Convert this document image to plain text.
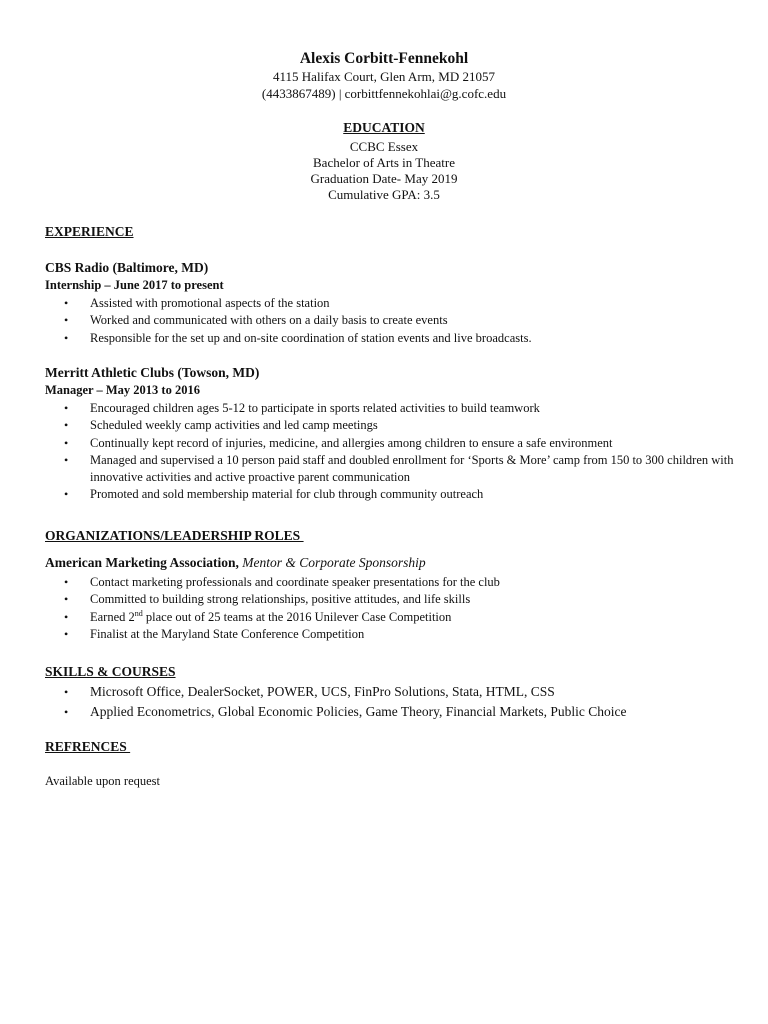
Alexis Corbitt-Fennekohl
4115 Halifax Court, Glen Arm, MD 21057
(4433867489) | corbittfennekohlai@g.cofc.edu
EDUCATION
CCBC Essex
Bachelor of Arts in Theatre
Graduation Date- May 2019
Cumulative GPA: 3.5
EXPERIENCE
CBS Radio (Baltimore, MD)
Internship – June 2017 to present
• Assisted with promotional aspects of the station
• Worked and communicated with others on a daily basis to create events
• Responsible for the set up and on-site coordination of station events and live broadcasts.
Merritt Athletic Clubs (Towson, MD)
Manager – May 2013 to 2016
• Encouraged children ages 5-12 to participate in sports related activities to build teamwork
• Scheduled weekly camp activities and led camp meetings
• Continually kept record of injuries, medicine, and allergies among children to ensure a safe environment
• Managed and supervised a 10 person paid staff and doubled enrollment for ‘Sports & More’ camp from 150 to 300 children with innovative activities and active proactive parent communication
• Promoted and sold membership material for club through community outreach
ORGANIZATIONS/LEADERSHIP ROLES
American Marketing Association, Mentor & Corporate Sponsorship
• Contact marketing professionals and coordinate speaker presentations for the club
• Committed to building strong relationships, positive attitudes, and life skills
• Earned 2nd place out of 25 teams at the 2016 Unilever Case Competition
• Finalist at the Maryland State Conference Competition
SKILLS & COURSES
• Microsoft Office, DealerSocket, POWER, UCS, FinPro Solutions, Stata, HTML, CSS
• Applied Econometrics, Global Economic Policies, Game Theory, Financial Markets, Public Choice
REFRENCES
Available upon request
